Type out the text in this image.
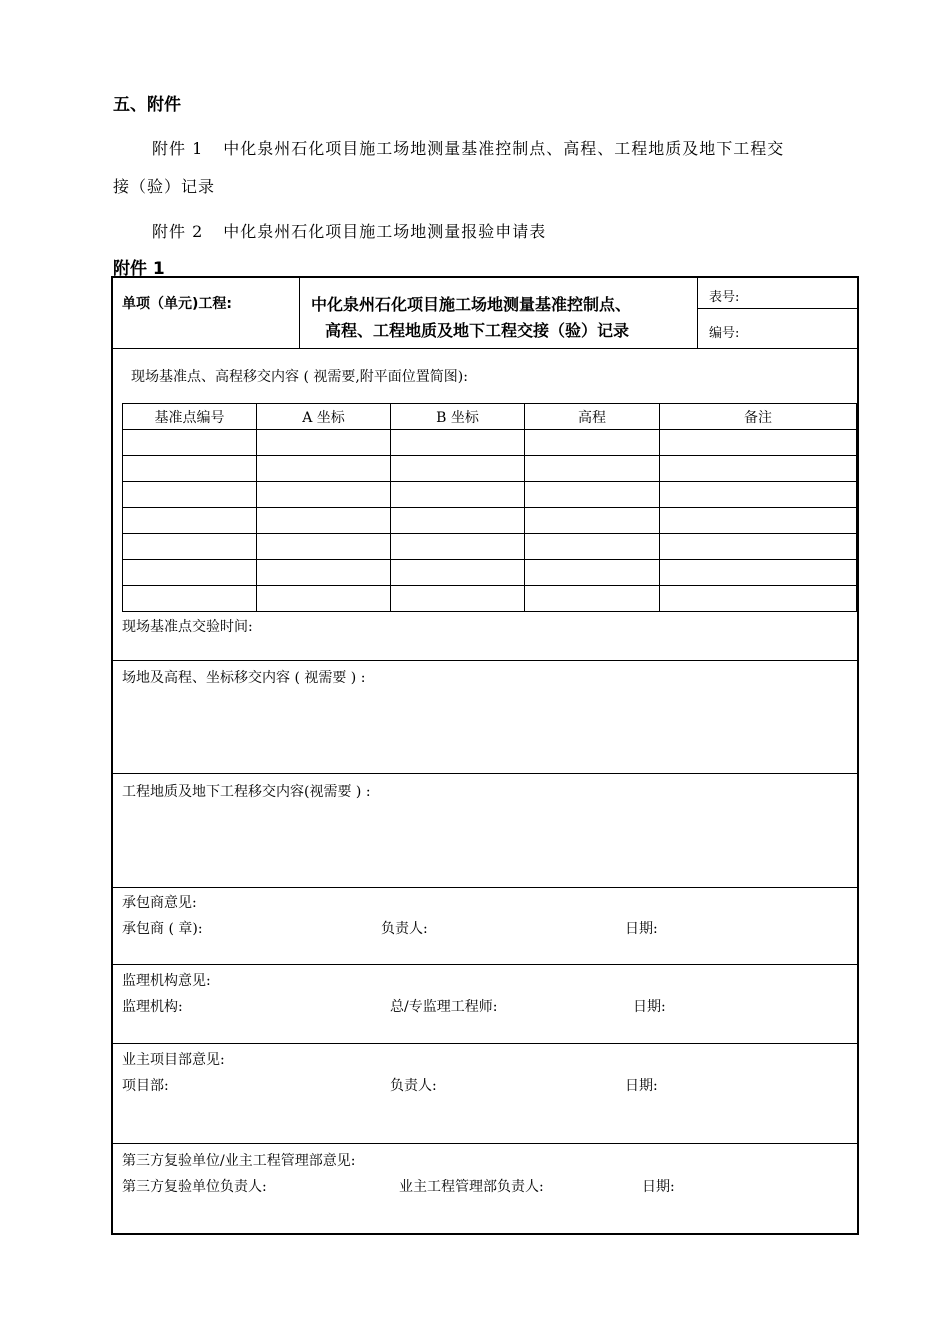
五、附件
附件 1 中化泉州石化项目施工场地测量基准控制点、高程、工程地质及地下工程交
接（验）记录
附件 2 中化泉州石化项目施工场地测量报验申请表
附件 1
单项（单元)工程:	中化泉州石化项目施工场地测量基准控制点、
高程、工程地质及地下工程交接（验）记录
表号:
编号:
现场基准点、高程移交内容 ( 视需要,附平面位置简图):
基准点编号	A 坐标	B 坐标	高程	备注

现场基准点交验时间:
场地及高程、坐标移交内容 ( 视需要 ) :
工程地质及地下工程移交内容(视需要 ) :
承包商意见:
承包商 ( 章):	负责人:	日期:
监理机构意见:
监理机构:	总/专监理工程师:	日期:
业主项目部意见:
项目部:	负责人:	日期:
第三方复验单位/业主工程管理部意见:
第三方复验单位负责人:	业主工程管理部负责人:	日期:
